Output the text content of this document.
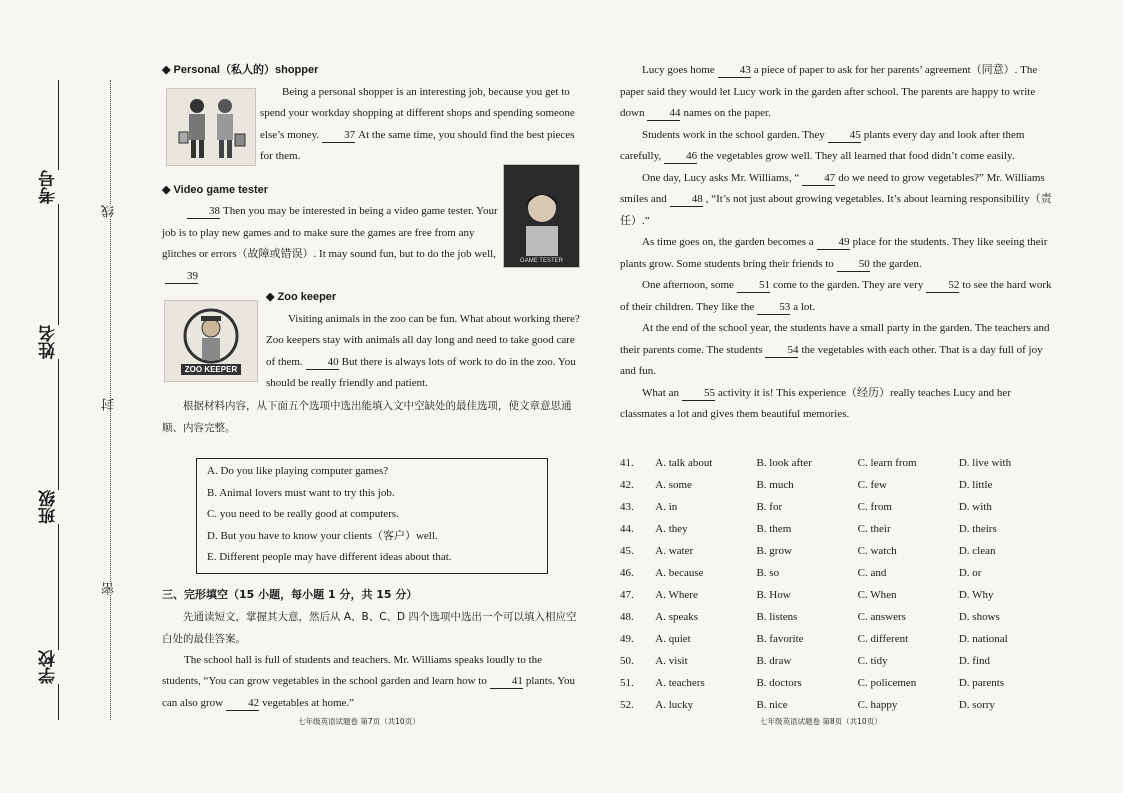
考号
姓名
班级
学校
线
封
密
GAME TESTER
ZOO KEEPER

◆ Personal（私人的）shopper

Being a personal shopper is an interesting job, because you get to spend your workday shopping at different shops and spending someone else’s money. 37 At the same time, you should find the best pieces for them.

◆ Video game tester

38 Then you may be interested in being a video game tester. Your job is to play new games and to make sure the games are free from any glitches or errors（故障或错误）. It may sound fun, but to do the job well,39

◆ Zoo keeper

Visiting animals in the zoo can be fun. What about working there? Zoo keepers stay with animals all day long and need to take good care of them. 40 But there is always lots of work to do in the zoo. You should be really friendly and patient.

根据材料内容，从下面五个选项中选出能填入文中空缺处的最佳选项，使文章意思通顺、内容完整。

A. Do you like playing computer games?

B. Animal lovers must want to try this job.

C. you need to be really good at computers.

D. But you have to know your clients（客户）well.

E. Different people may have different ideas about that.

三、完形填空（15 小题，每小题 1 分，共 15 分）

先通读短文，掌握其大意，然后从 A、B、C、D 四个选项中选出一个可以填入相应空白处的最佳答案。

The school hall is full of students and teachers. Mr. Williams speaks loudly to the students, “You can grow vegetables in the school garden and learn how to 41 plants. You can also grow 42 vegetables at home.”

七年级英语试题卷 第7页（共10页）

Lucy goes home 43 a piece of paper to ask for her parents’ agreement（同意）. The paper said they would let Lucy work in the garden after school. The parents are happy to write down 44 names on the paper.

Students work in the school garden. They 45 plants every day and look after them carefully, 46 the vegetables grow well. They all learned that food didn’t come easily.

One day, Lucy asks Mr. Williams, “ 47 do we need to grow vegetables?” Mr. Williams smiles and 48 , “It’s not just about growing vegetables. It’s about learning responsibility（责任）.”

As time goes on, the garden becomes a 49 place for the students. They like seeing their plants grow. Some students bring their friends to 50 the garden.

One afternoon, some 51 come to the garden. They are very 52 to see the hard work of their children. They like the 53 a lot.

At the end of the school year, the students have a small party in the garden. The teachers and their parents come. The students 54 the vegetables with each other. That is a day full of joy and fun.

What an 55 activity it is! This experience（经历）really teaches Lucy and her classmates a lot and gives them beautiful memories.

41.	A. talk about	B. look after	C. learn from	D. live with
42.	A. some	B. much	C. few	D. little
43.	A. in	B. for	C. from	D. with
44.	A. they	B. them	C. their	D. theirs
45.	A. water	B. grow	C. watch	D. clean
46.	A. because	B. so	C. and	D. or
47.	A. Where	B. How	C. When	D. Why
48.	A. speaks	B. listens	C. answers	D. shows
49.	A. quiet	B. favorite	C. different	D. national
50.	A. visit	B. draw	C. tidy	D. find
51.	A. teachers	B. doctors	C. policemen	D. parents
52.	A. lucky	B. nice	C. happy	D. sorry
七年级英语试题卷 第8页（共10页）
